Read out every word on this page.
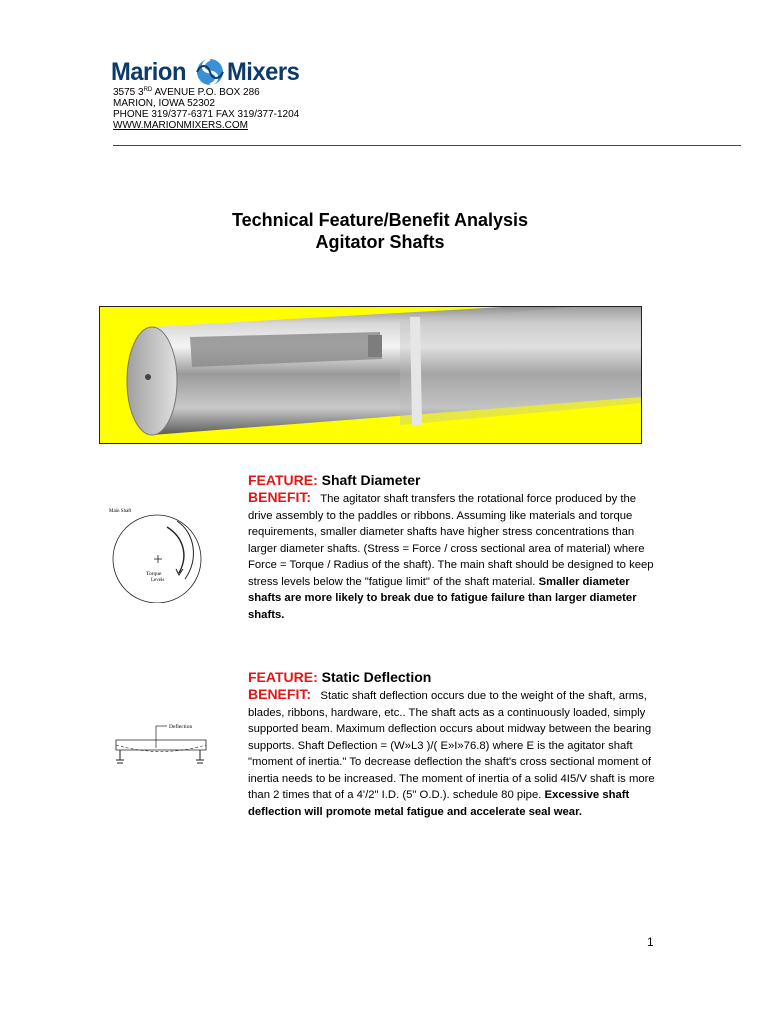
Marion Mixers
3575 3RD AVENUE P.O. BOX 286
MARION, IOWA 52302
PHONE 319/377-6371 FAX 319/377-1204
WWW.MARIONMIXERS.COM
Technical Feature/Benefit Analysis
Agitator Shafts
Main Shaft
Torque
Levels
FEATURE: Shaft Diameter
BENEFIT: The agitator shaft transfers the rotational force produced by the drive assembly to the paddles or ribbons. Assuming like materials and torque requirements, smaller diameter shafts have higher stress concentrations than larger diameter shafts. (Stress = Force / cross sectional area of material) where Force = Torque / Radius of the shaft). The main shaft should be designed to keep stress levels below the "fatigue limit" of the shaft material. Smaller diameter shafts are more likely to break due to fatigue failure than larger diameter shafts.
Deflection
FEATURE: Static Deflection
BENEFIT: Static shaft deflection occurs due to the weight of the shaft, arms, blades, ribbons, hardware, etc.. The shaft acts as a continuously loaded, simply supported beam. Maximum deflection occurs about midway between the bearing supports. Shaft Deflection = (W»L3 )/( E»I»76.8) where E is the agitator shaft "moment of inertia." To decrease deflection the shaft's cross sectional moment of inertia needs to be increased. The moment of inertia of a solid 4I5/V shaft is more than 2 times that of a 4'/2" I.D. (5" O.D.). schedule 80 pipe. Excessive shaft deflection will promote metal fatigue and accelerate seal wear.
1
